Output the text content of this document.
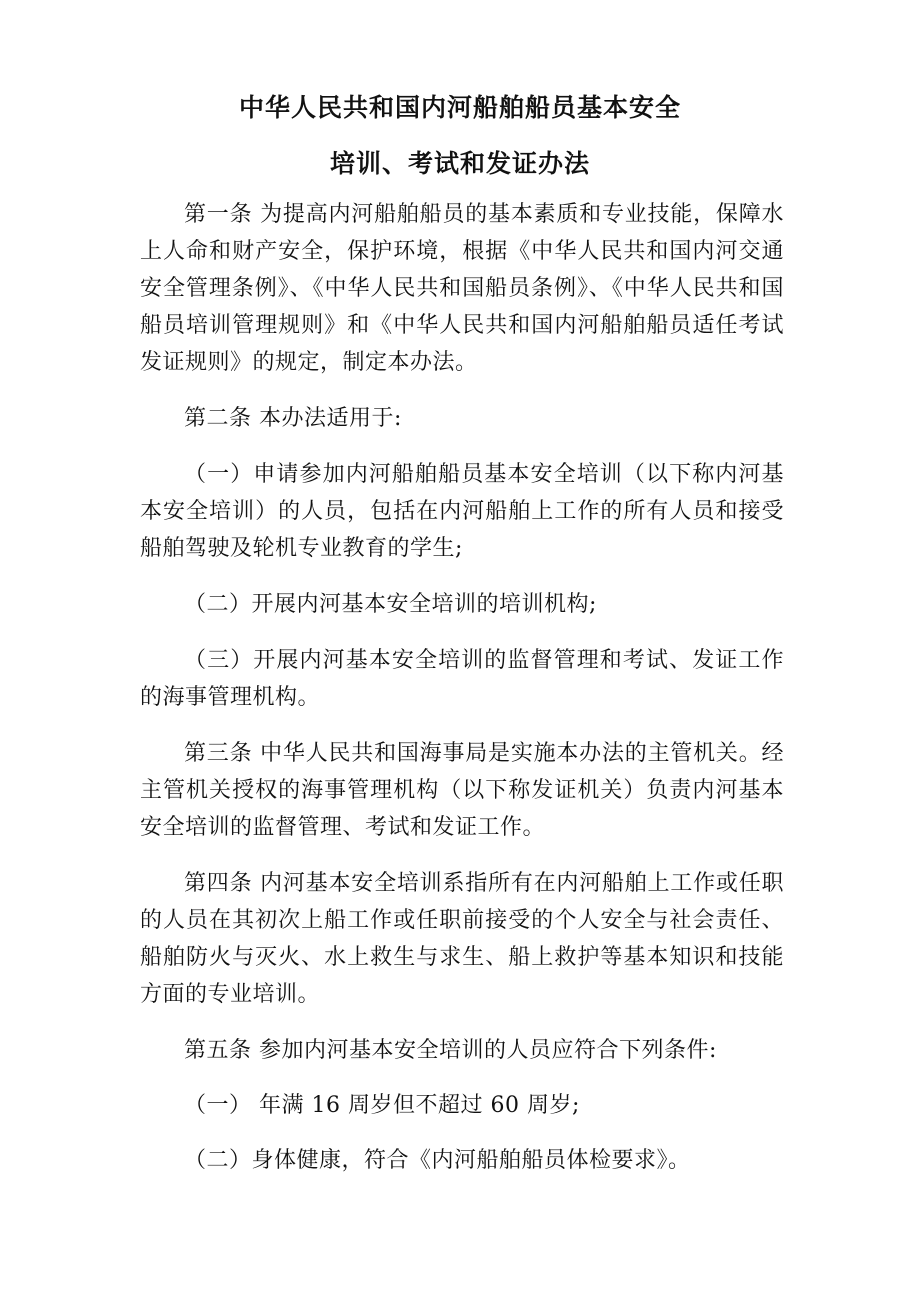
中华人民共和国内河船舶船员基本安全
培训、考试和发证办法

第一条 为提高内河船舶船员的基本素质和专业技能，保障水上人命和财产安全，保护环境，根据《中华人民共和国内河交通安全管理条例》、《中华人民共和国船员条例》、《中华人民共和国船员培训管理规则》和《中华人民共和国内河船舶船员适任考试发证规则》的规定，制定本办法。

第二条 本办法适用于:

（一）申请参加内河船舶船员基本安全培训（以下称内河基本安全培训）的人员，包括在内河船舶上工作的所有人员和接受船舶驾驶及轮机专业教育的学生;

（二）开展内河基本安全培训的培训机构;

（三）开展内河基本安全培训的监督管理和考试、发证工作的海事管理机构。

第三条 中华人民共和国海事局是实施本办法的主管机关。经主管机关授权的海事管理机构（以下称发证机关）负责内河基本安全培训的监督管理、考试和发证工作。

第四条 内河基本安全培训系指所有在内河船舶上工作或任职的人员在其初次上船工作或任职前接受的个人安全与社会责任、船舶防火与灭火、水上救生与求生、船上救护等基本知识和技能方面的专业培训。

第五条 参加内河基本安全培训的人员应符合下列条件:

（一） 年满 16 周岁但不超过 60 周岁;

（二）身体健康，符合《内河船舶船员体检要求》。
